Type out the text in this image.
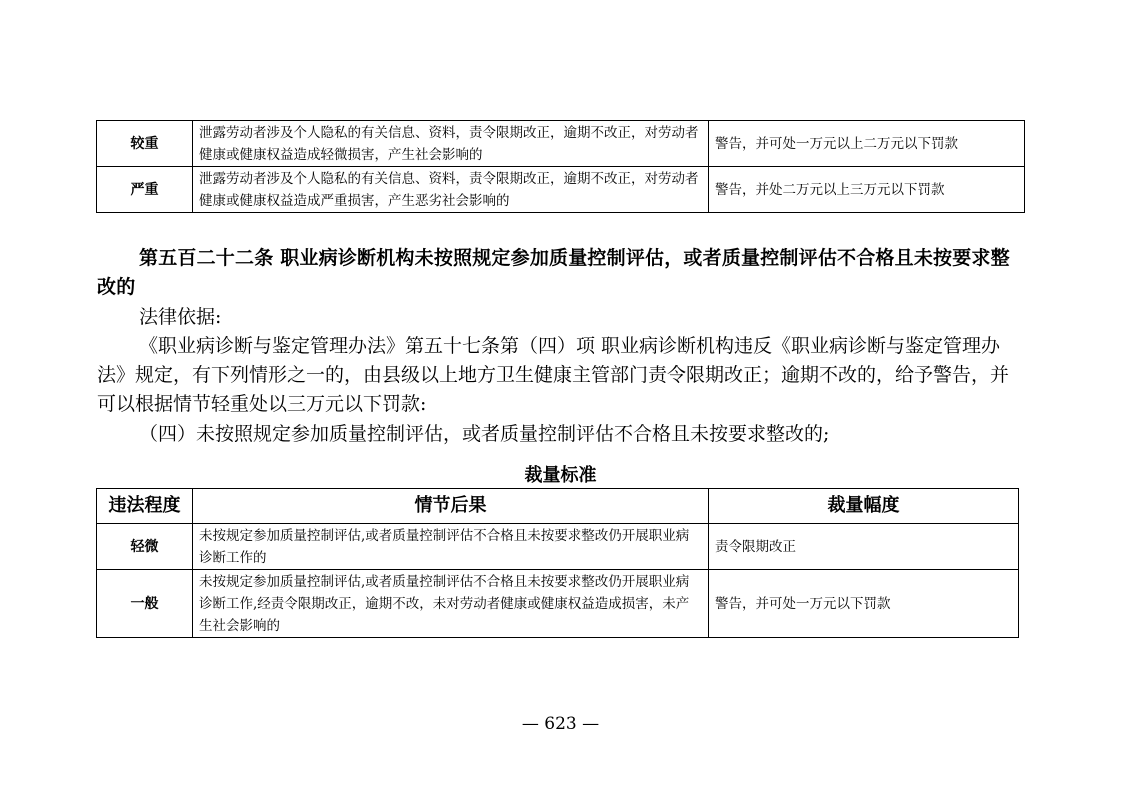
较重	泄露劳动者涉及个人隐私的有关信息、资料，责令限期改正，逾期不改正，对劳动者健康或健康权益造成轻微损害，产生社会影响的	警告，并可处一万元以上二万元以下罚款
严重	泄露劳动者涉及个人隐私的有关信息、资料，责令限期改正，逾期不改正，对劳动者健康或健康权益造成严重损害，产生恶劣社会影响的	警告，并处二万元以上三万元以下罚款

第五百二十二条 职业病诊断机构未按照规定参加质量控制评估，或者质量控制评估不合格且未按要求整改的

法律依据:

《职业病诊断与鉴定管理办法》第五十七条第（四）项 职业病诊断机构违反《职业病诊断与鉴定管理办法》规定，有下列情形之一的，由县级以上地方卫生健康主管部门责令限期改正；逾期不改的，给予警告，并可以根据情节轻重处以三万元以下罚款:

（四）未按照规定参加质量控制评估，或者质量控制评估不合格且未按要求整改的;

裁量标准
违法程度	情节后果	裁量幅度
轻微	未按规定参加质量控制评估,或者质量控制评估不合格且未按要求整改仍开展职业病诊断工作的	责令限期改正
一般	未按规定参加质量控制评估,或者质量控制评估不合格且未按要求整改仍开展职业病诊断工作,经责令限期改正，逾期不改，未对劳动者健康或健康权益造成损害，未产生社会影响的	警告，并可处一万元以下罚款
— 623 —
